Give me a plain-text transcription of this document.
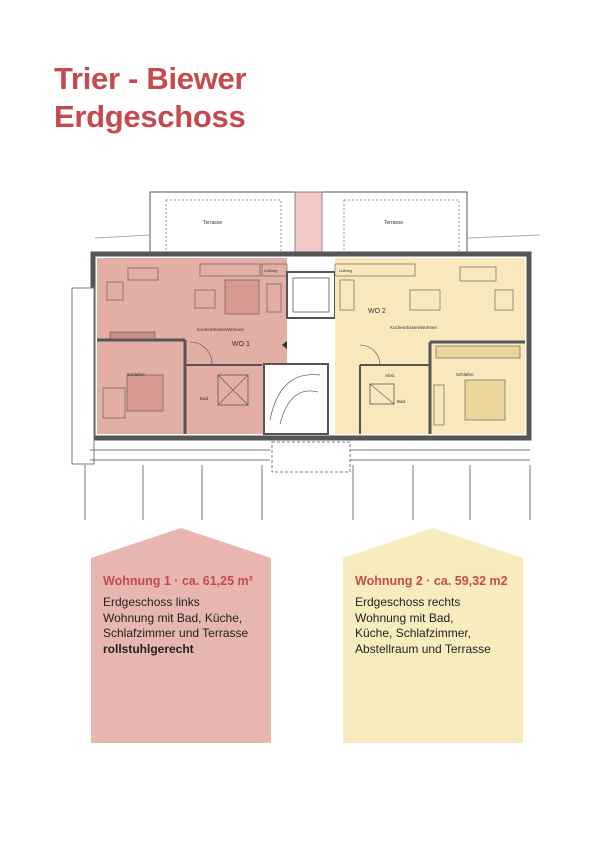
Trier - Biewer
Erdgeschoss
Terrasse	Terrasse
WO 1
Kochen/Essen/Wohnen
Schlafen
Bad
Lüftung
WO 2
Kochen/Essen/Wohnen
Schlafen
Bad
Abst.
Lüftung
Wohnung 1 · ca. 61,25 m²
Erdgeschoss links
Wohnung mit Bad, Küche,
Schlafzimmer und Terrasse
rollstuhlgerecht
Wohnung 2 · ca. 59,32 m2
Erdgeschoss rechts
Wohnung mit Bad,
Küche, Schlafzimmer,
Abstellraum und Terrasse
